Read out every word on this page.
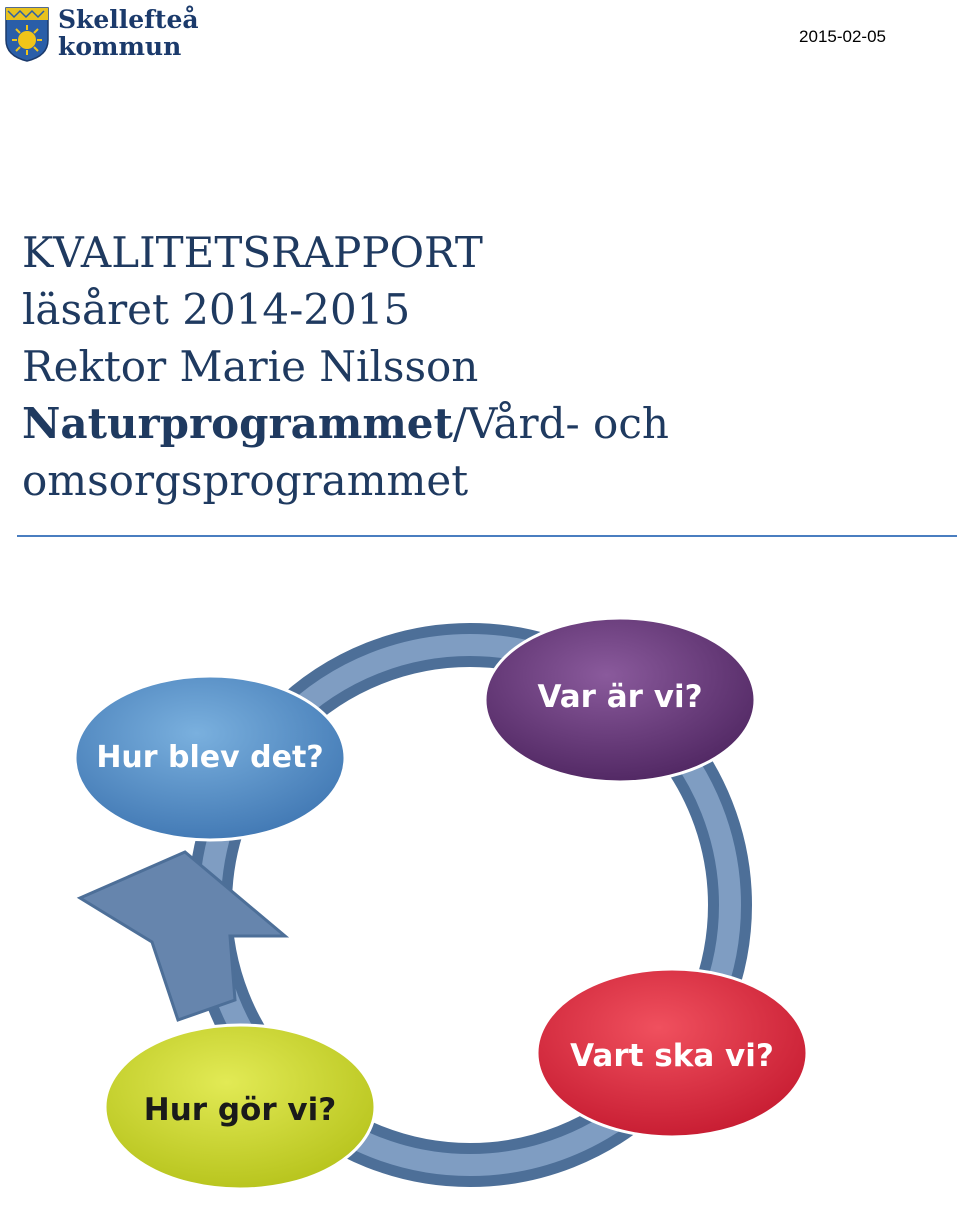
Skellefteå
kommun	2015-02-05
KVALITETSRAPPORT
läsåret 2014-2015
Rektor Marie Nilsson
Naturprogrammet/Vård- och
omsorgsprogrammet
Var är vi?
Vart ska vi?
Hur gör vi?
Hur blev det?
